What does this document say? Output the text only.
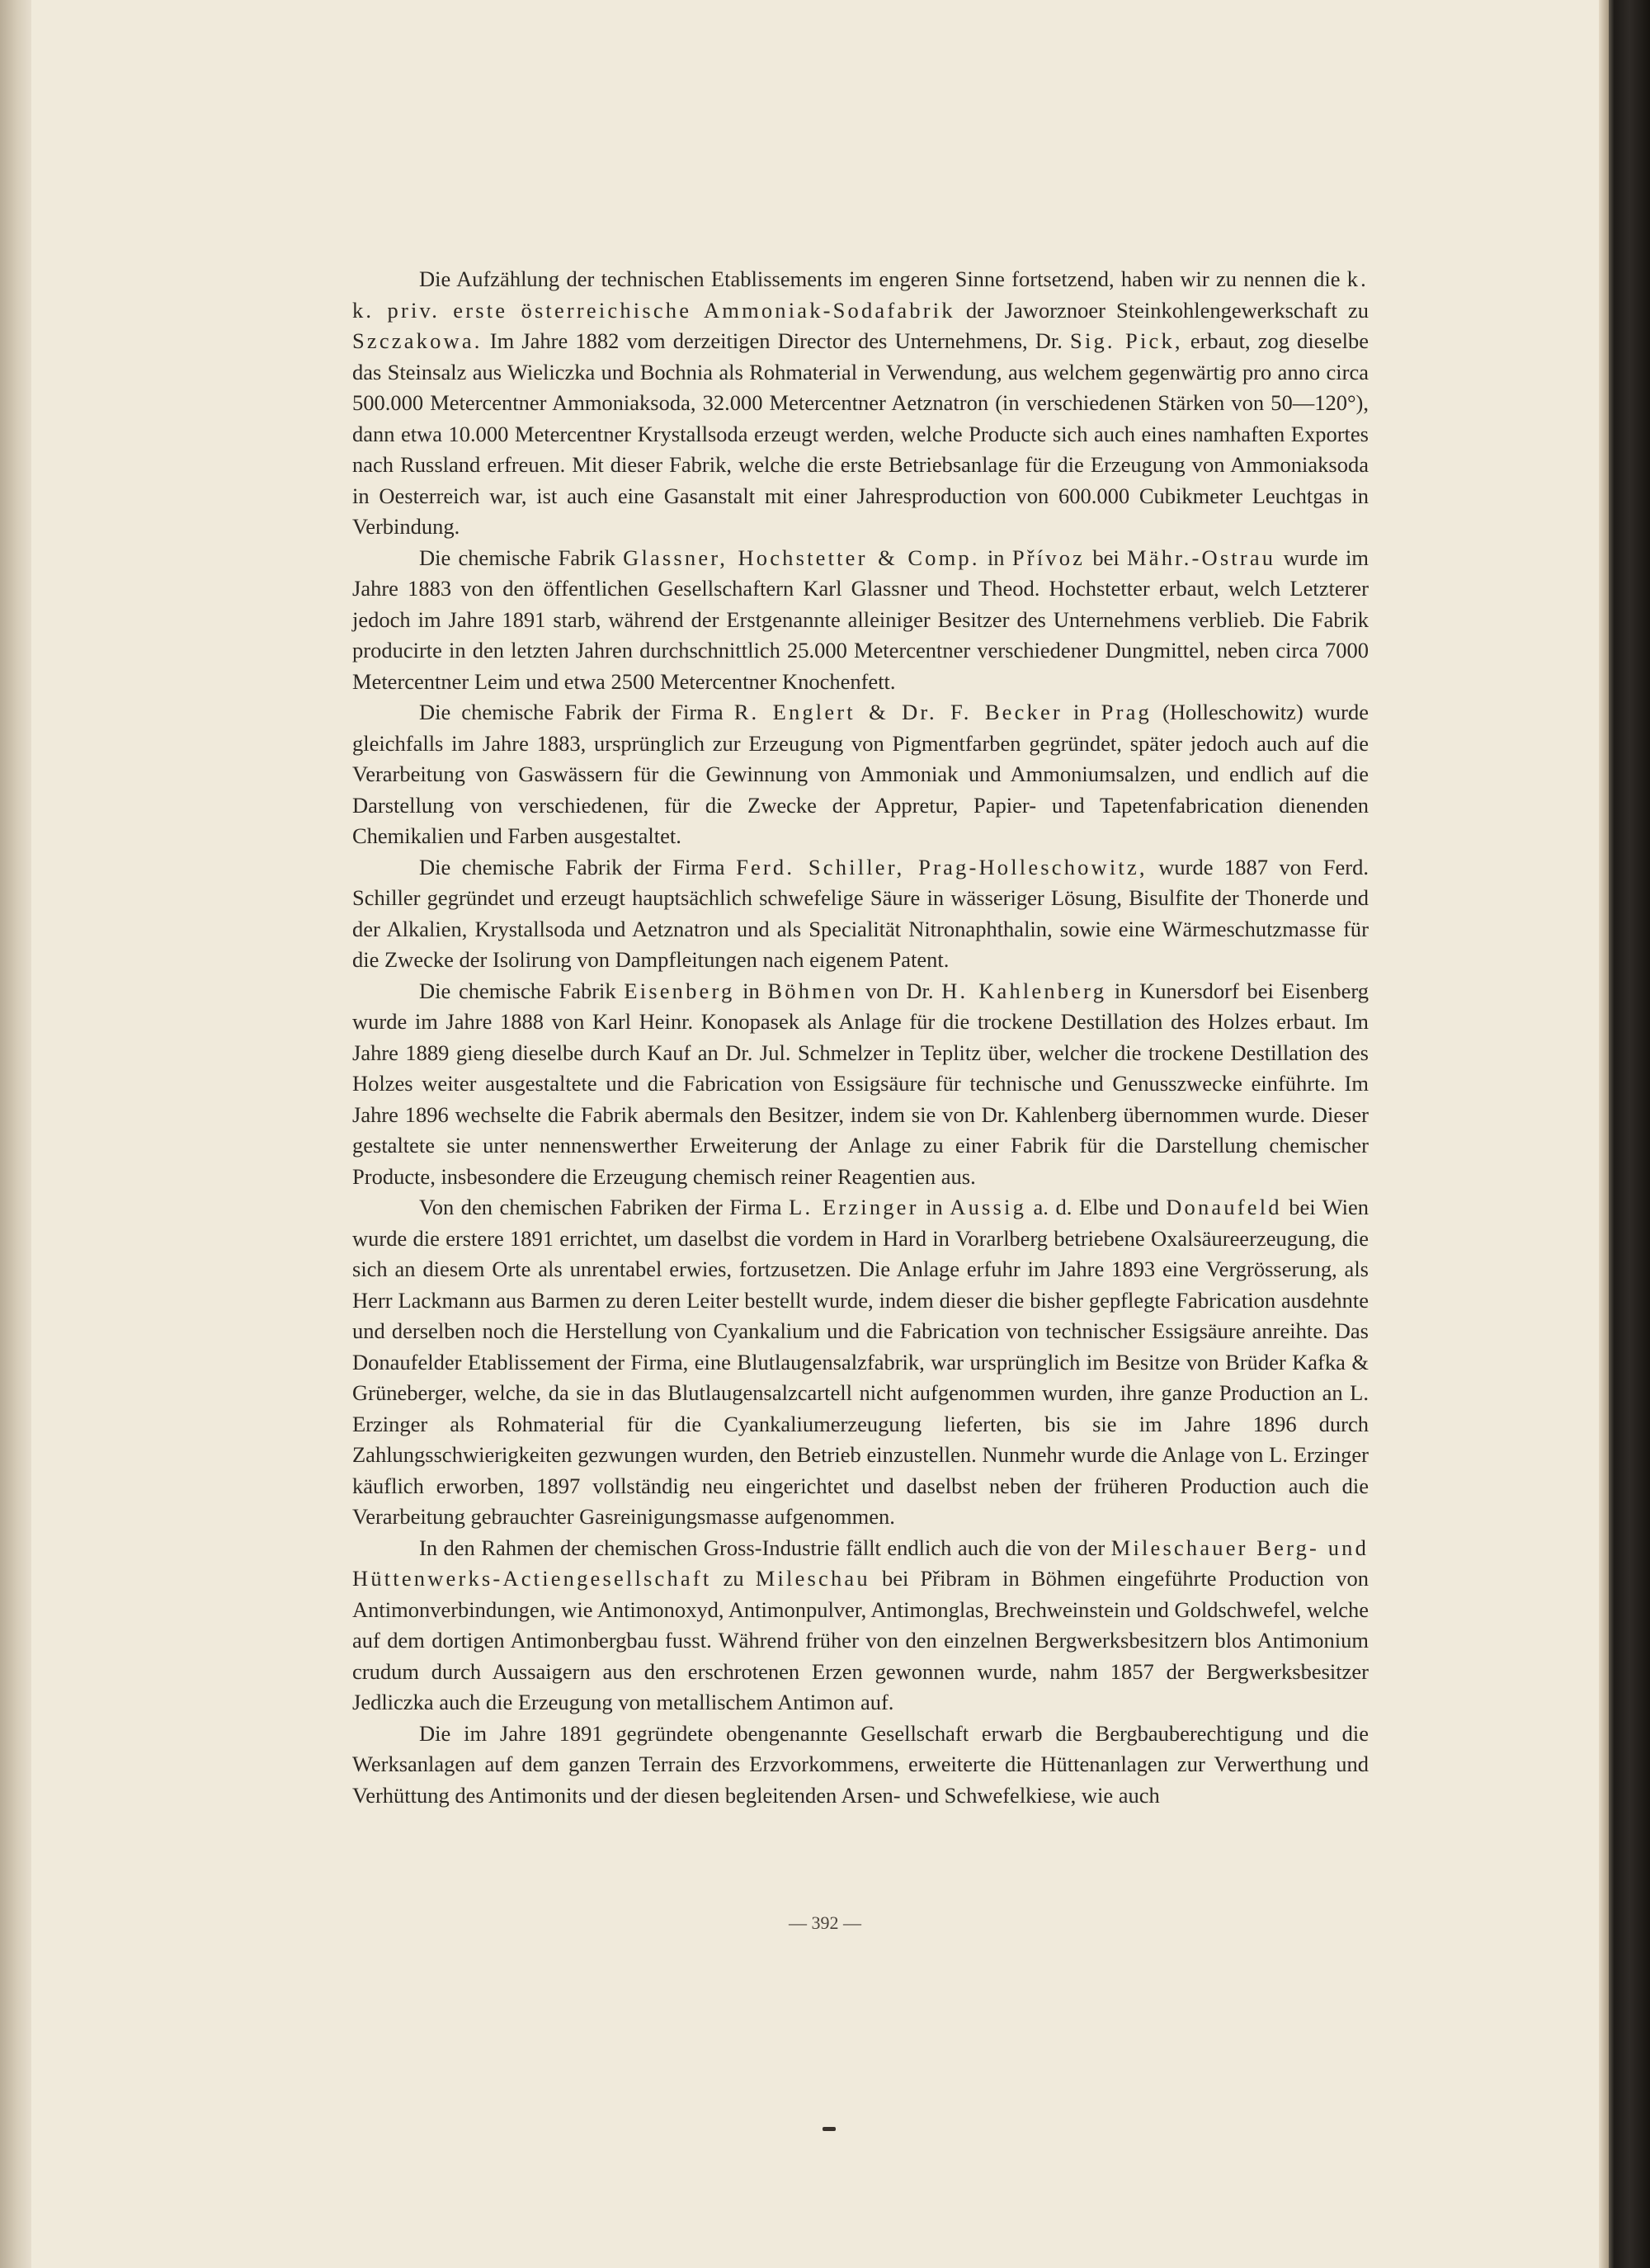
Die Aufzählung der technischen Etablissements im engeren Sinne fortsetzend, haben wir zu nennen die k. k. priv. erste österreichische Ammoniak-Sodafabrik der Jaworznoer Steinkohlengewerkschaft zu Szczakowa. Im Jahre 1882 vom derzeitigen Director des Unternehmens, Dr. Sig. Pick, erbaut, zog dieselbe das Steinsalz aus Wieliczka und Bochnia als Rohmaterial in Verwendung, aus welchem gegenwärtig pro anno circa 500.000 Metercentner Ammoniaksoda, 32.000 Metercentner Aetznatron (in verschiedenen Stärken von 50—120°), dann etwa 10.000 Metercentner Krystallsoda erzeugt werden, welche Producte sich auch eines namhaften Exportes nach Russland erfreuen. Mit dieser Fabrik, welche die erste Betriebsanlage für die Erzeugung von Ammoniaksoda in Oesterreich war, ist auch eine Gasanstalt mit einer Jahresproduction von 600.000 Cubikmeter Leuchtgas in Verbindung.

Die chemische Fabrik Glassner, Hochstetter & Comp. in Přívoz bei Mähr.-Ostrau wurde im Jahre 1883 von den öffentlichen Gesellschaftern Karl Glassner und Theod. Hochstetter erbaut, welch Letzterer jedoch im Jahre 1891 starb, während der Erstgenannte alleiniger Besitzer des Unternehmens verblieb. Die Fabrik producirte in den letzten Jahren durchschnittlich 25.000 Metercentner verschiedener Dungmittel, neben circa 7000 Metercentner Leim und etwa 2500 Metercentner Knochenfett.

Die chemische Fabrik der Firma R. Englert & Dr. F. Becker in Prag (Holleschowitz) wurde gleichfalls im Jahre 1883, ursprünglich zur Erzeugung von Pigmentfarben gegründet, später jedoch auch auf die Verarbeitung von Gaswässern für die Gewinnung von Ammoniak und Ammoniumsalzen, und endlich auf die Darstellung von verschiedenen, für die Zwecke der Appretur, Papier- und Tapetenfabrication dienenden Chemikalien und Farben ausgestaltet.

Die chemische Fabrik der Firma Ferd. Schiller, Prag-Holleschowitz, wurde 1887 von Ferd. Schiller gegründet und erzeugt hauptsächlich schwefelige Säure in wässeriger Lösung, Bisulfite der Thonerde und der Alkalien, Krystallsoda und Aetznatron und als Specialität Nitronaphthalin, sowie eine Wärmeschutzmasse für die Zwecke der Isolirung von Dampfleitungen nach eigenem Patent.

Die chemische Fabrik Eisenberg in Böhmen von Dr. H. Kahlenberg in Kunersdorf bei Eisenberg wurde im Jahre 1888 von Karl Heinr. Konopasek als Anlage für die trockene Destillation des Holzes erbaut. Im Jahre 1889 gieng dieselbe durch Kauf an Dr. Jul. Schmelzer in Teplitz über, welcher die trockene Destillation des Holzes weiter ausgestaltete und die Fabrication von Essigsäure für technische und Genusszwecke einführte. Im Jahre 1896 wechselte die Fabrik abermals den Besitzer, indem sie von Dr. Kahlenberg übernommen wurde. Dieser gestaltete sie unter nennenswerther Erweiterung der Anlage zu einer Fabrik für die Darstellung chemischer Producte, insbesondere die Erzeugung chemisch reiner Reagentien aus.

Von den chemischen Fabriken der Firma L. Erzinger in Aussig a. d. Elbe und Donaufeld bei Wien wurde die erstere 1891 errichtet, um daselbst die vordem in Hard in Vorarlberg betriebene Oxalsäureerzeugung, die sich an diesem Orte als unrentabel erwies, fortzusetzen. Die Anlage erfuhr im Jahre 1893 eine Vergrösserung, als Herr Lackmann aus Barmen zu deren Leiter bestellt wurde, indem dieser die bisher gepflegte Fabrication ausdehnte und derselben noch die Herstellung von Cyankalium und die Fabrication von technischer Essigsäure anreihte. Das Donaufelder Etablissement der Firma, eine Blutlaugensalzfabrik, war ursprünglich im Besitze von Brüder Kafka & Grüneberger, welche, da sie in das Blutlaugensalzcartell nicht aufgenommen wurden, ihre ganze Production an L. Erzinger als Rohmaterial für die Cyankaliumerzeugung lieferten, bis sie im Jahre 1896 durch Zahlungsschwierigkeiten gezwungen wurden, den Betrieb einzustellen. Nunmehr wurde die Anlage von L. Erzinger käuflich erworben, 1897 vollständig neu eingerichtet und daselbst neben der früheren Production auch die Verarbeitung gebrauchter Gasreinigungsmasse aufgenommen.

In den Rahmen der chemischen Gross-Industrie fällt endlich auch die von der Mileschauer Berg- und Hüttenwerks-Actiengesellschaft zu Mileschau bei Přibram in Böhmen eingeführte Production von Antimonverbindungen, wie Antimonoxyd, Antimonpulver, Antimonglas, Brechweinstein und Goldschwefel, welche auf dem dortigen Antimonbergbau fusst. Während früher von den einzelnen Bergwerksbesitzern blos Antimonium crudum durch Aussaigern aus den erschrotenen Erzen gewonnen wurde, nahm 1857 der Bergwerksbesitzer Jedliczka auch die Erzeugung von metallischem Antimon auf.

Die im Jahre 1891 gegründete obengenannte Gesellschaft erwarb die Bergbauberechtigung und die Werksanlagen auf dem ganzen Terrain des Erzvorkommens, erweiterte die Hüttenanlagen zur Verwerthung und Verhüttung des Antimonits und der diesen begleitenden Arsen- und Schwefelkiese, wie auch

— 392 —
